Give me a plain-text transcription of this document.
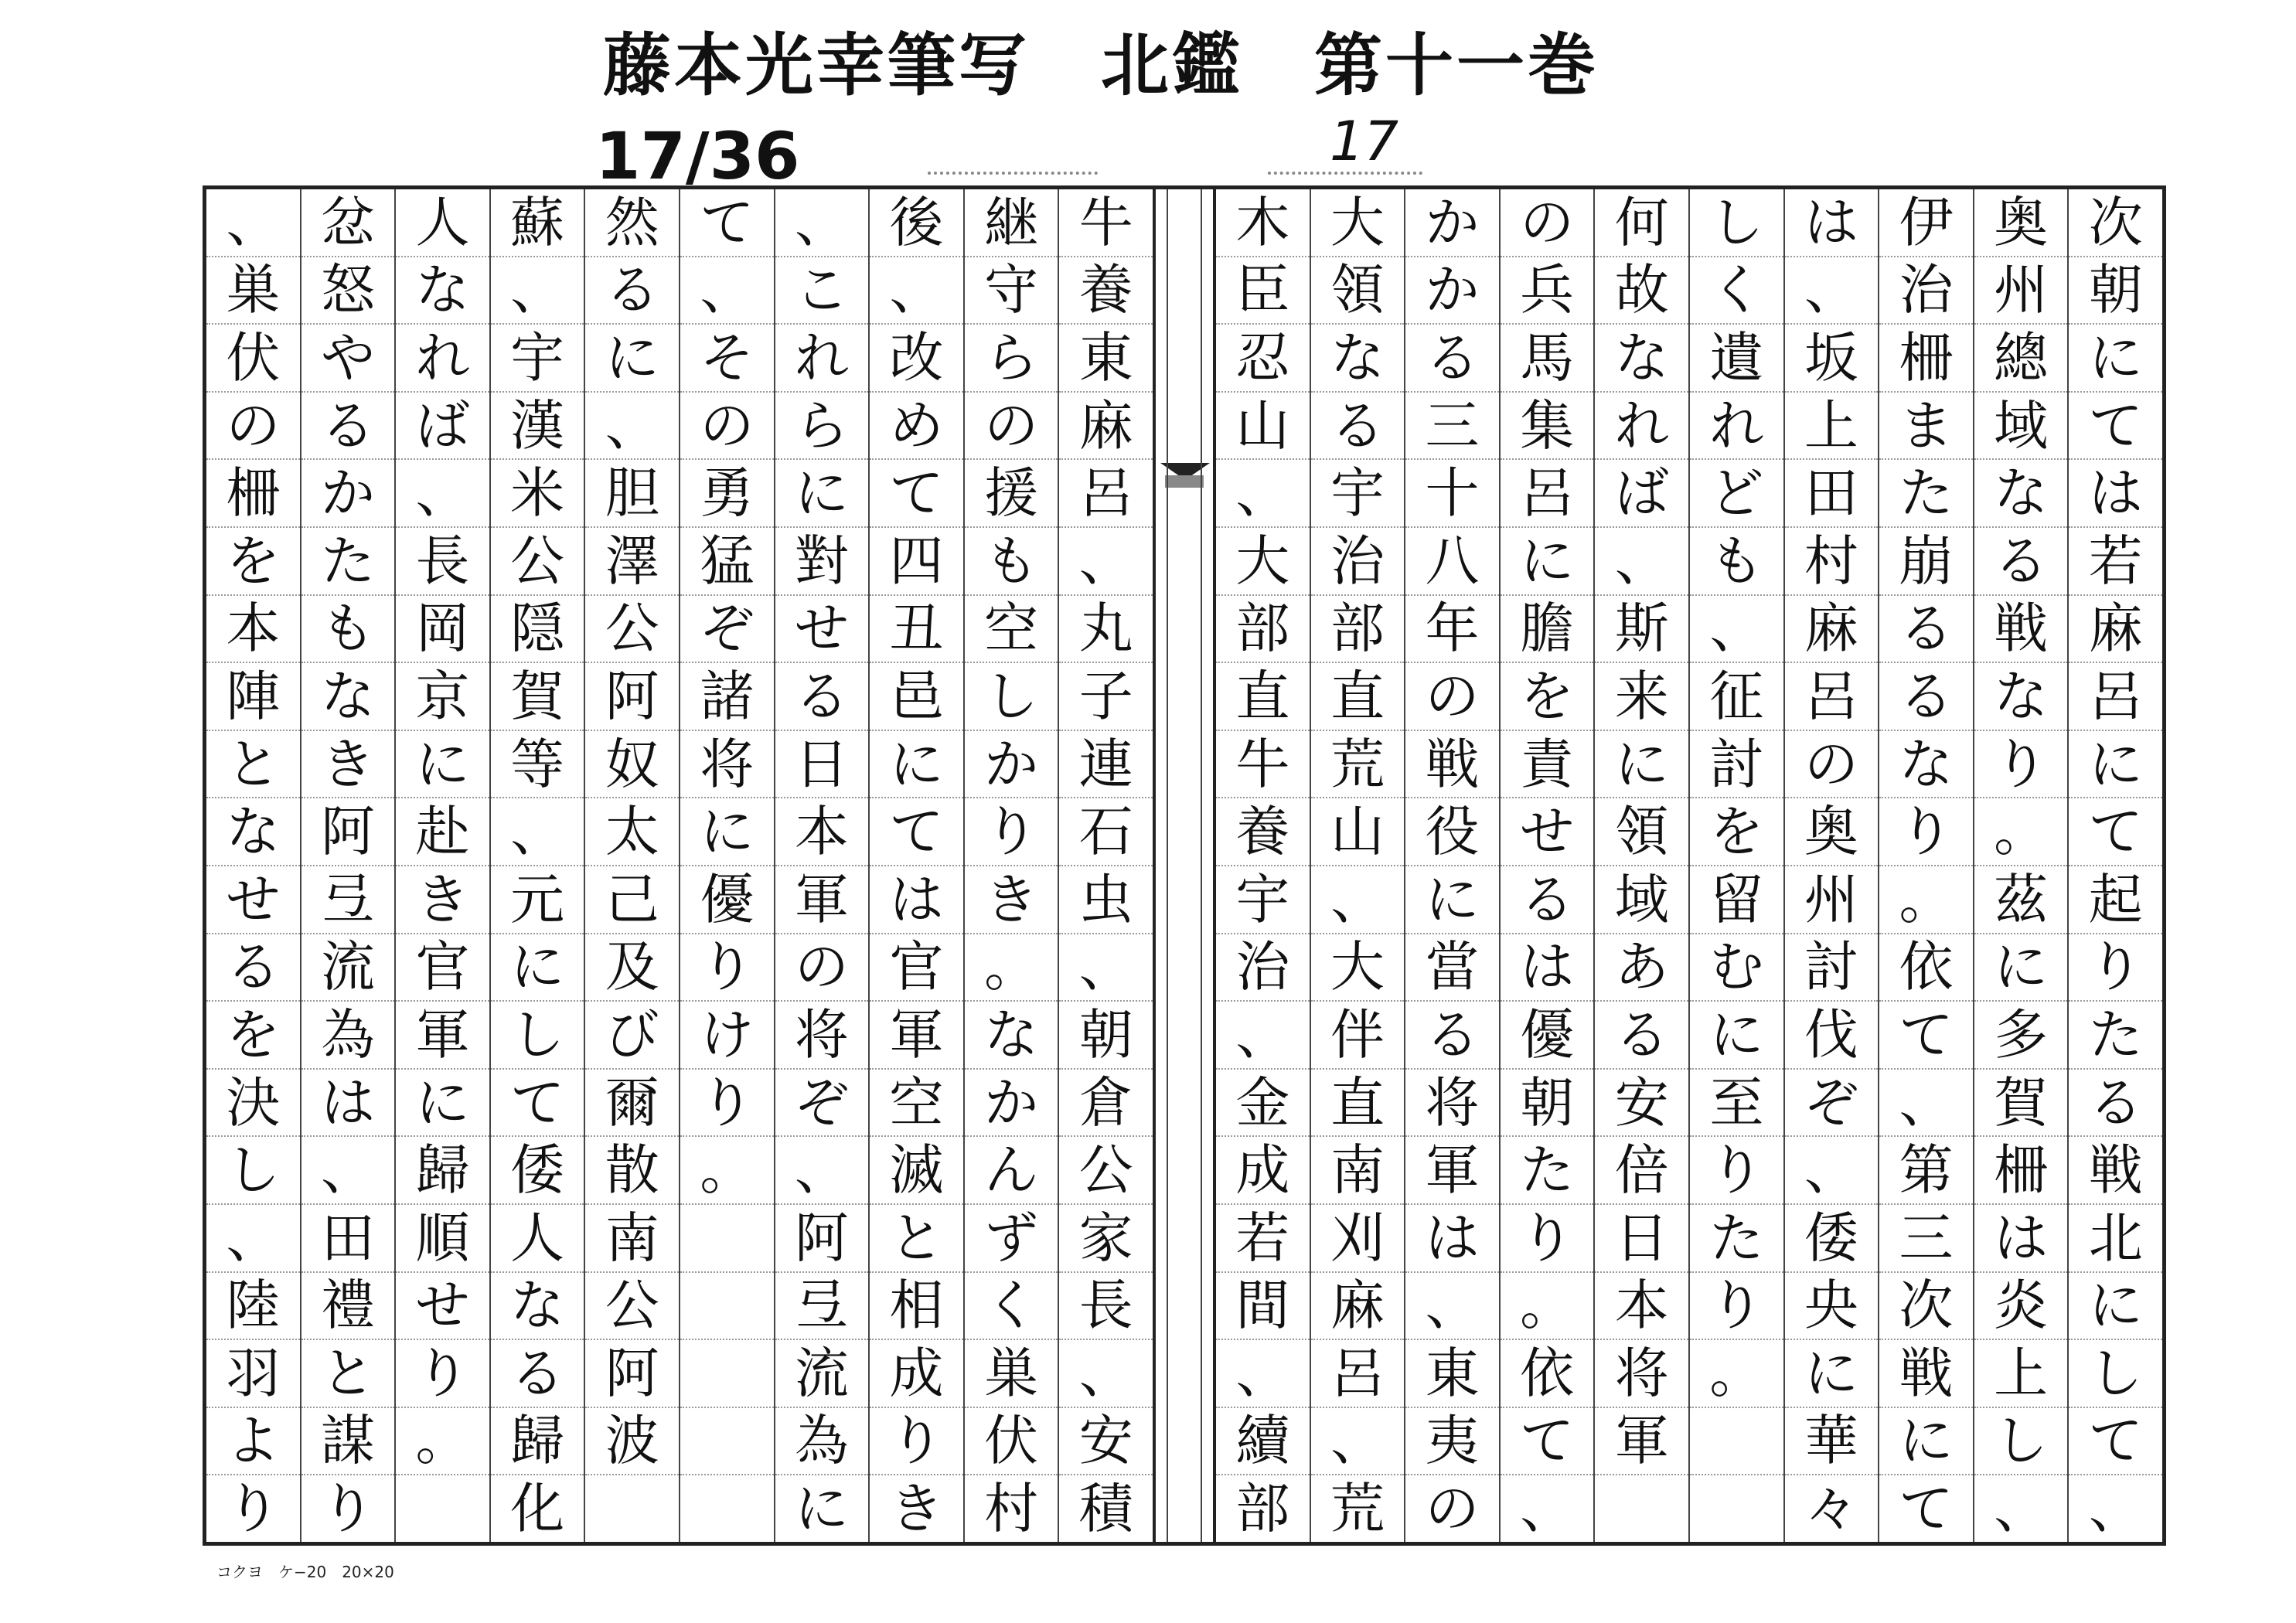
藤本光幸筆写　北鑑　第十一巻
17/36	17
次
朝
に
て
は
若
麻
呂
に
て
起
り
た
る
戦
北
に
し
て
、
奥
州
總
域
な
る
戦
な
り
。
茲
に
多
賀
柵
は
炎
上
し
、
伊
治
柵
ま
た
崩
る
る
な
り
。
依
て
、
第
三
次
戦
に
て
は
、
坂
上
田
村
麻
呂
の
奥
州
討
伐
ぞ
、
倭
央
に
華
々
し
く
遺
れ
ど
も
、
征
討
を
留
む
に
至
り
た
り
。
何
故
な
れ
ば
、
斯
来
に
領
域
あ
る
安
倍
日
本
将
軍
の
兵
馬
集
呂
に
膽
を
責
せ
る
は
優
朝
た
り
。
依
て
、
か
か
る
三
十
八
年
の
戦
役
に
當
る
将
軍
は
、
東
夷
の
大
領
な
る
宇
治
部
直
荒
山
、
大
伴
直
南
刈
麻
呂
、
荒
木
臣
忍
山
、
大
部
直
牛
養
宇
治
、
金
成
若
間
、
續
部
牛
養
東
麻
呂
、
丸
子
連
石
虫
、
朝
倉
公
家
長
、
安
積
継
守
ら
の
援
も
空
し
か
り
き
。
な
か
ん
ず
く
巣
伏
村
後
、
改
め
て
四
丑
邑
に
て
は
官
軍
空
滅
と
相
成
り
き
、
こ
れ
ら
に
對
せ
る
日
本
軍
の
将
ぞ
、
阿
弖
流
為
に
て
、
そ
の
勇
猛
ぞ
諸
将
に
優
り
け
り
。
然
る
に
、
胆
澤
公
阿
奴
太
己
及
び
爾
散
南
公
阿
波
蘇
、
宇
漢
米
公
隠
賀
等
、
元
に
し
て
倭
人
な
る
歸
化
人
な
れ
ば
、
長
岡
京
に
赴
き
官
軍
に
歸
順
せ
り
。
忿
怒
や
る
か
た
も
な
き
阿
弖
流
為
は
、
田
禮
と
謀
り
、
巣
伏
の
柵
を
本
陣
と
な
せ
る
を
決
し
、
陸
羽
よ
り
コクヨ　ケ−20　20×20
